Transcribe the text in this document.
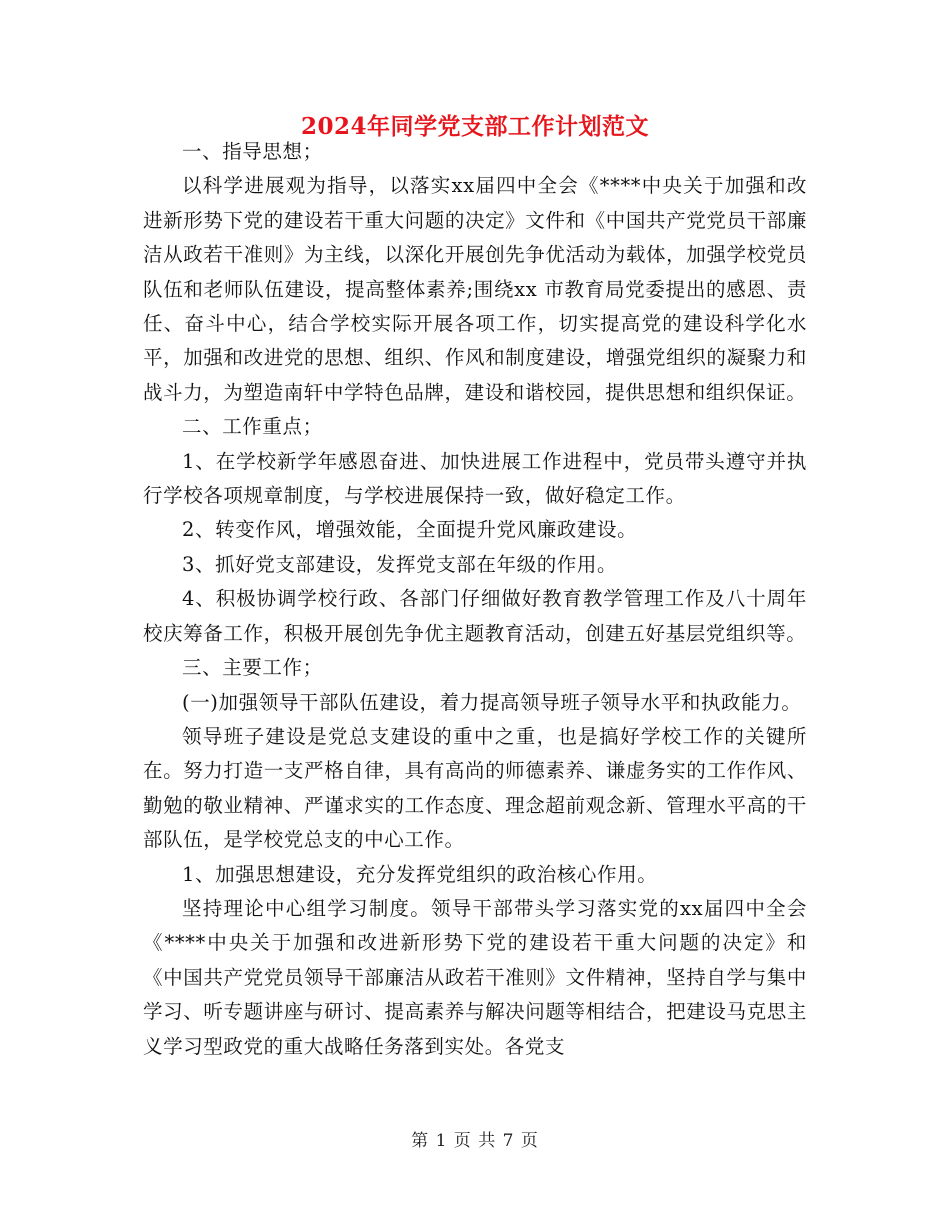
2024年同学党支部工作计划范文

一、指导思想；

以科学进展观为指导，以落实xx届四中全会《****中央关于加强和改进新形势下党的建设若干重大问题的决定》文件和《中国共产党党员干部廉洁从政若干准则》为主线，以深化开展创先争优活动为载体，加强学校党员队伍和老师队伍建设，提高整体素养;围绕xx 市教育局党委提出的感恩、责任、奋斗中心，结合学校实际开展各项工作，切实提高党的建设科学化水平，加强和改进党的思想、组织、作风和制度建设，增强党组织的凝聚力和战斗力，为塑造南轩中学特色品牌，建设和谐校园，提供思想和组织保证。

二、工作重点；

1、在学校新学年感恩奋进、加快进展工作进程中，党员带头遵守并执行学校各项规章制度，与学校进展保持一致，做好稳定工作。

2、转变作风，增强效能，全面提升党风廉政建设。

3、抓好党支部建设，发挥党支部在年级的作用。

4、积极协调学校行政、各部门仔细做好教育教学管理工作及八十周年校庆筹备工作，积极开展创先争优主题教育活动，创建五好基层党组织等。

三、主要工作；

(一)加强领导干部队伍建设，着力提高领导班子领导水平和执政能力。

领导班子建设是党总支建设的重中之重，也是搞好学校工作的关键所在。努力打造一支严格自律，具有高尚的师德素养、谦虚务实的工作作风、勤勉的敬业精神、严谨求实的工作态度、理念超前观念新、管理水平高的干部队伍，是学校党总支的中心工作。

1、加强思想建设，充分发挥党组织的政治核心作用。

坚持理论中心组学习制度。领导干部带头学习落实党的xx届四中全会《****中央关于加强和改进新形势下党的建设若干重大问题的决定》和《中国共产党党员领导干部廉洁从政若干准则》文件精神，坚持自学与集中学习、听专题讲座与研讨、提高素养与解决问题等相结合，把建设马克思主义学习型政党的重大战略任务落到实处。各党支

第 1 页 共 7 页
